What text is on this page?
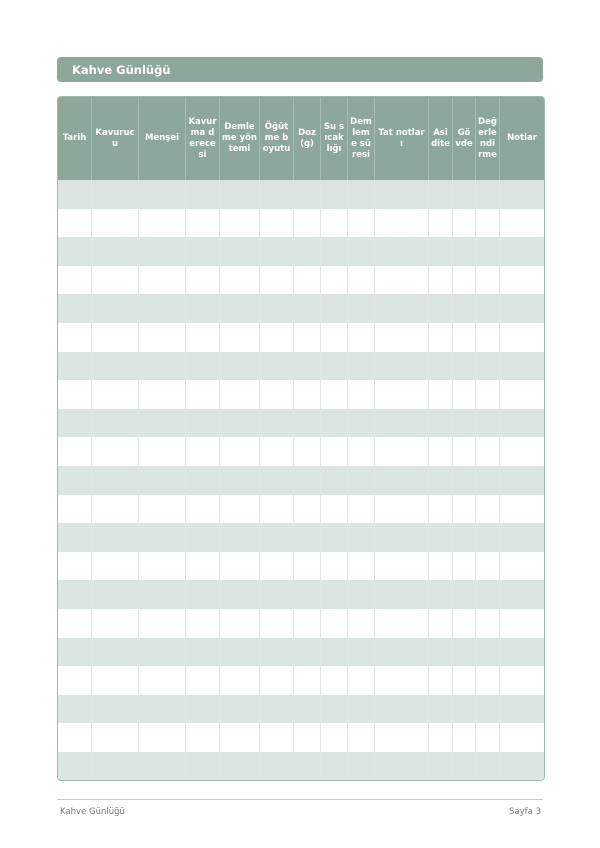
Kahve Günlüğü
Tarih	Kavurucu	Menşei	Kavurma derecesi	Demleme yöntemi	Öğütme boyutu	Doz (g)	Su sıcaklığı	Demleme süresi	Tat notları	Asidite	Gövde	Değerlendirme	Notlar

Kahve Günlüğü	Sayfa 3
